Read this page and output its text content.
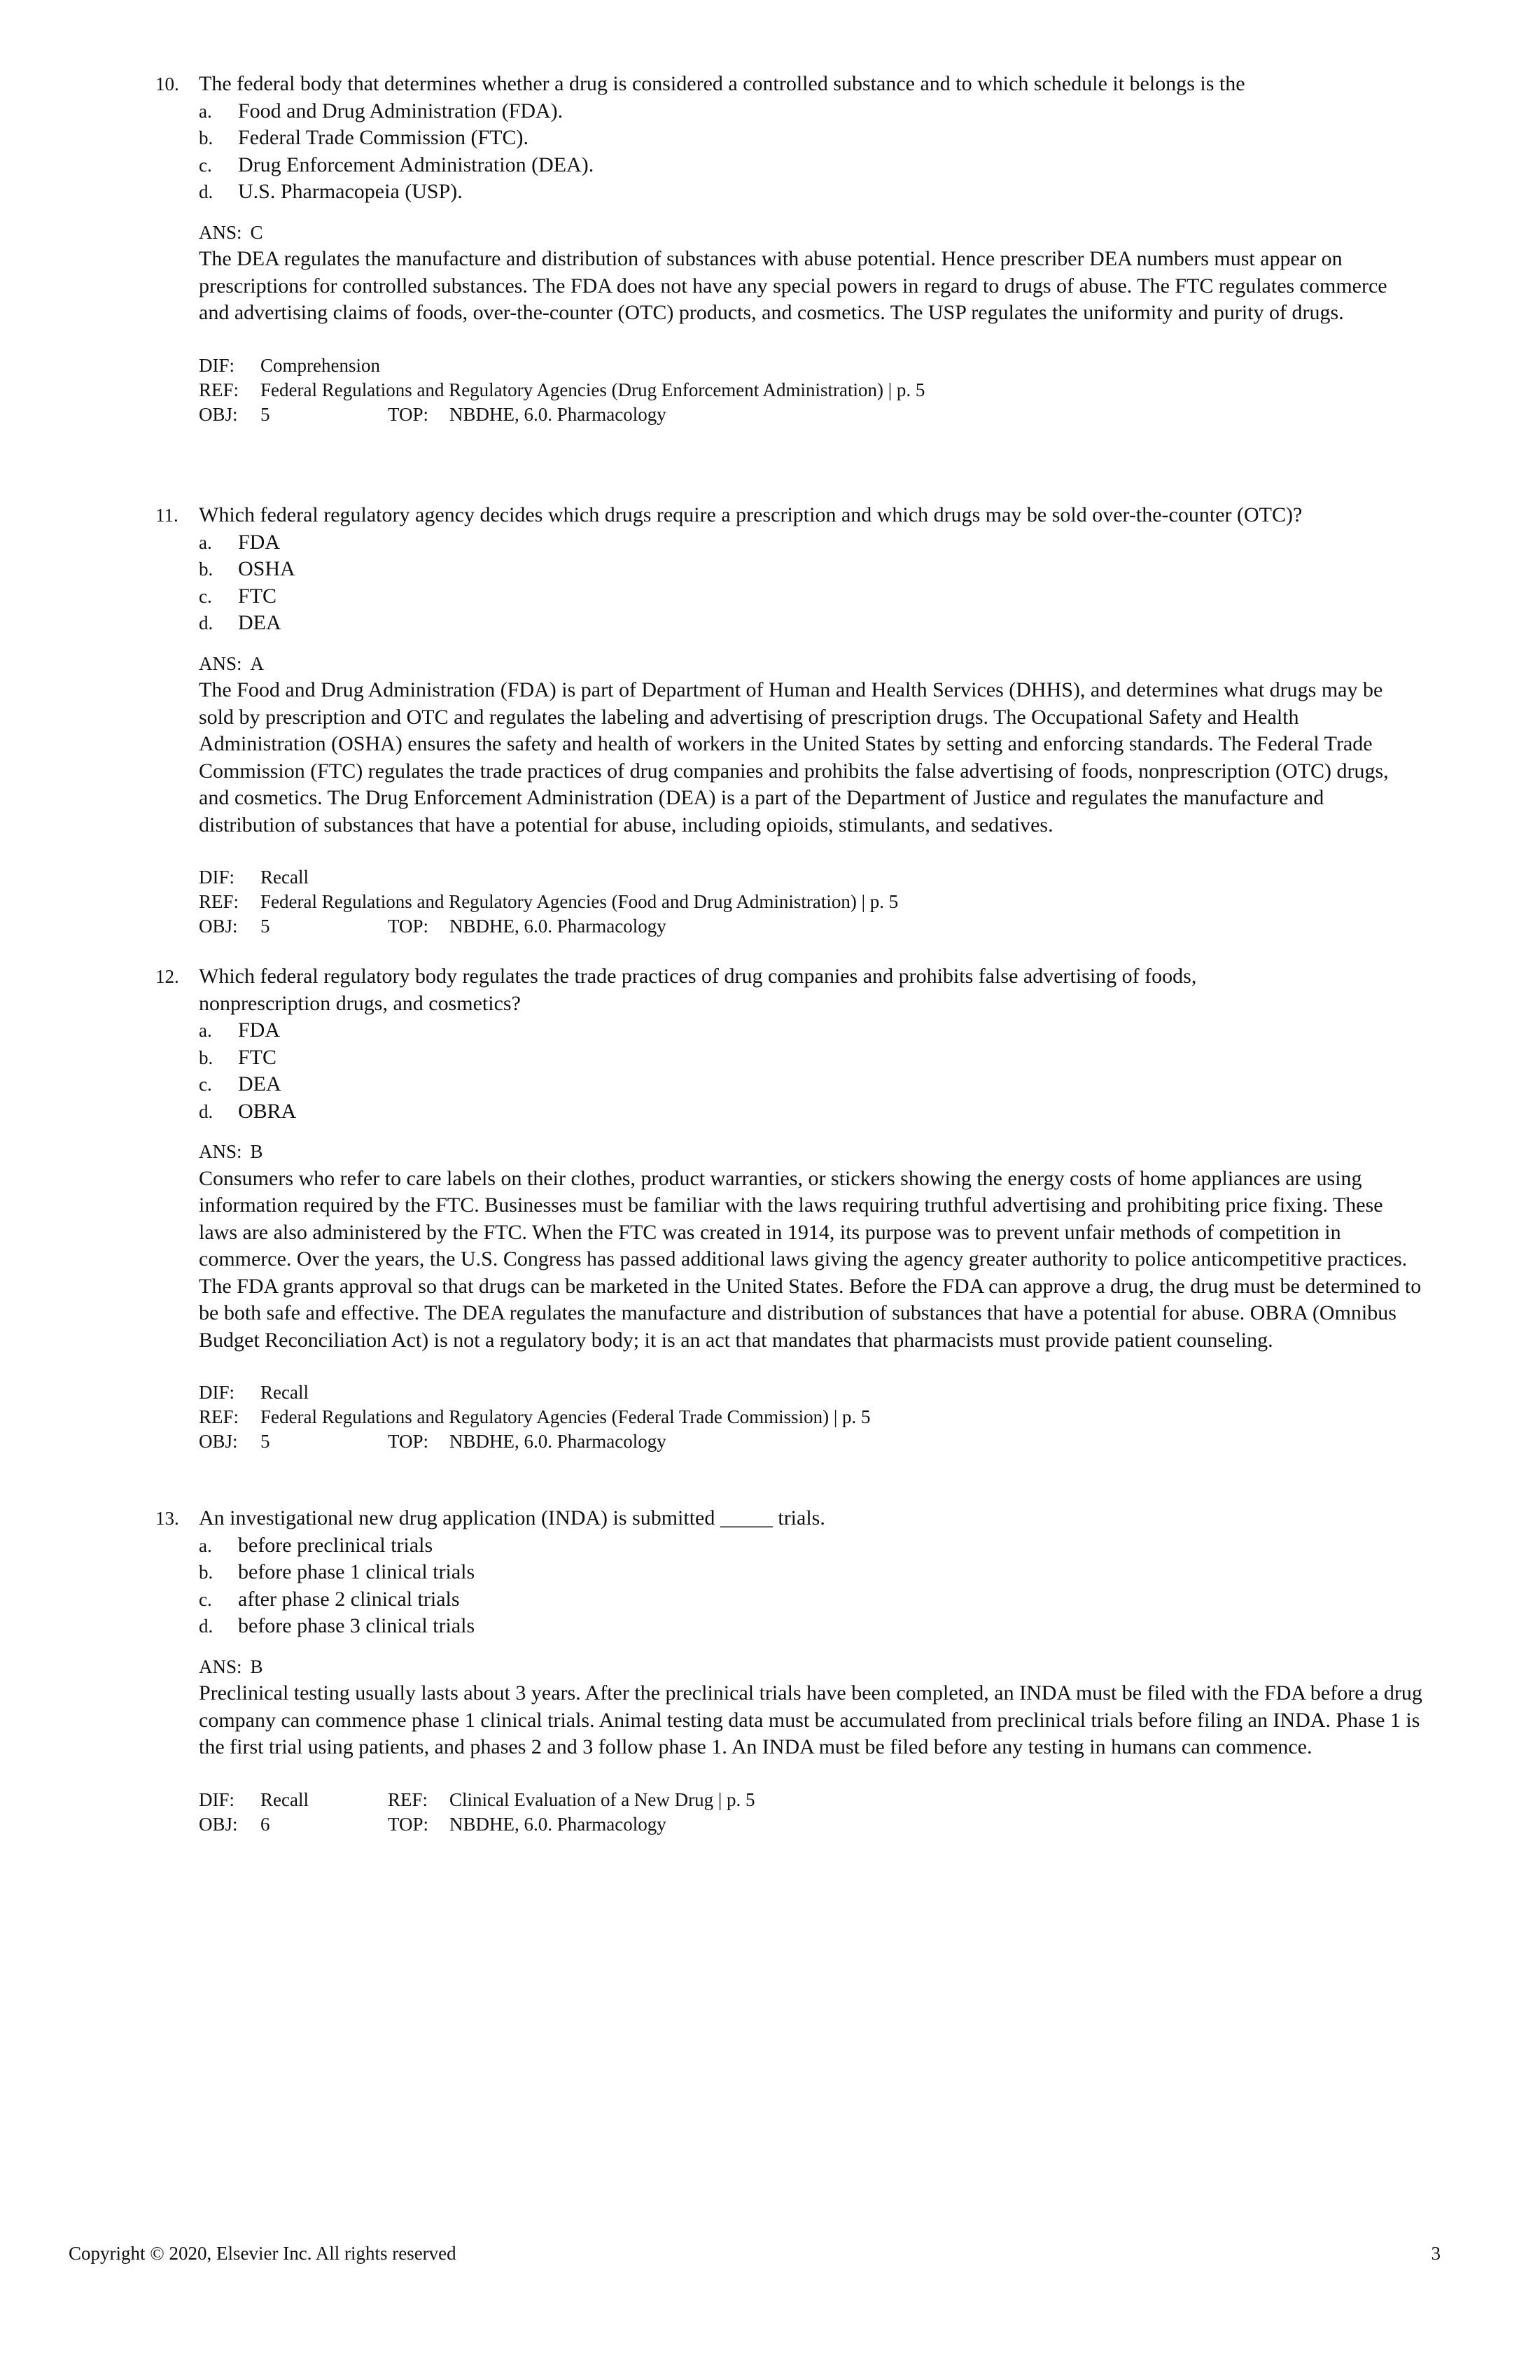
10. The federal body that determines whether a drug is considered a controlled substance and to which schedule it belongs is the
a. Food and Drug Administration (FDA).
b. Federal Trade Commission (FTC).
c. Drug Enforcement Administration (DEA).
d. U.S. Pharmacopeia (USP).
ANS: C

The DEA regulates the manufacture and distribution of substances with abuse potential. Hence prescriber DEA numbers must appear on prescriptions for controlled substances. The FDA does not have any special powers in regard to drugs of abuse. The FTC regulates commerce and advertising claims of foods, over-the-counter (OTC) products, and cosmetics. The USP regulates the uniformity and purity of drugs.

DIF: Comprehension
REF: Federal Regulations and Regulatory Agencies (Drug Enforcement Administration) | p. 5
OBJ: 5	TOP: NBDHE, 6.0. Pharmacology
11. Which federal regulatory agency decides which drugs require a prescription and which drugs may be sold over-the-counter (OTC)?
a. FDA
b. OSHA
c. FTC
d. DEA
ANS: A

The Food and Drug Administration (FDA) is part of Department of Human and Health Services (DHHS), and determines what drugs may be sold by prescription and OTC and regulates the labeling and advertising of prescription drugs. The Occupational Safety and Health Administration (OSHA) ensures the safety and health of workers in the United States by setting and enforcing standards. The Federal Trade Commission (FTC) regulates the trade practices of drug companies and prohibits the false advertising of foods, nonprescription (OTC) drugs, and cosmetics. The Drug Enforcement Administration (DEA) is a part of the Department of Justice and regulates the manufacture and distribution of substances that have a potential for abuse, including opioids, stimulants, and sedatives.

DIF: Recall
REF: Federal Regulations and Regulatory Agencies (Food and Drug Administration) | p. 5
OBJ: 5	TOP: NBDHE, 6.0. Pharmacology
12. Which federal regulatory body regulates the trade practices of drug companies and prohibits false advertising of foods, nonprescription drugs, and cosmetics?
a. FDA
b. FTC
c. DEA
d. OBRA
ANS: B

Consumers who refer to care labels on their clothes, product warranties, or stickers showing the energy costs of home appliances are using information required by the FTC. Businesses must be familiar with the laws requiring truthful advertising and prohibiting price fixing. These laws are also administered by the FTC. When the FTC was created in 1914, its purpose was to prevent unfair methods of competition in commerce. Over the years, the U.S. Congress has passed additional laws giving the agency greater authority to police anticompetitive practices. The FDA grants approval so that drugs can be marketed in the United States. Before the FDA can approve a drug, the drug must be determined to be both safe and effective. The DEA regulates the manufacture and distribution of substances that have a potential for abuse. OBRA (Omnibus Budget Reconciliation Act) is not a regulatory body; it is an act that mandates that pharmacists must provide patient counseling.

DIF: Recall
REF: Federal Regulations and Regulatory Agencies (Federal Trade Commission) | p. 5
OBJ: 5	TOP: NBDHE, 6.0. Pharmacology
13. An investigational new drug application (INDA) is submitted _____ trials.
a. before preclinical trials
b. before phase 1 clinical trials
c. after phase 2 clinical trials
d. before phase 3 clinical trials
ANS: B

Preclinical testing usually lasts about 3 years. After the preclinical trials have been completed, an INDA must be filed with the FDA before a drug company can commence phase 1 clinical trials. Animal testing data must be accumulated from preclinical trials before filing an INDA. Phase 1 is the first trial using patients, and phases 2 and 3 follow phase 1. An INDA must be filed before any testing in humans can commence.

DIF: Recall	REF: Clinical Evaluation of a New Drug | p. 5
OBJ: 6	TOP: NBDHE, 6.0. Pharmacology
Copyright © 2020, Elsevier Inc. All rights reserved	3
